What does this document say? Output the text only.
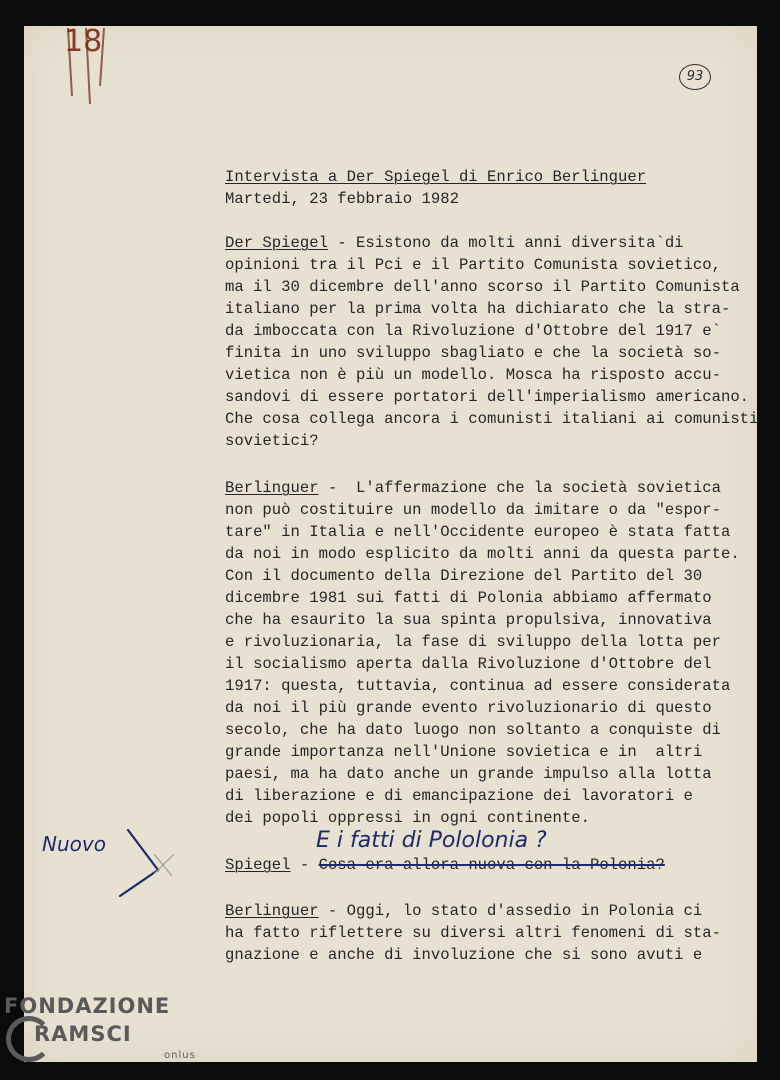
18
93
Intervista a Der Spiegel di Enrico Berlinguer
Martedi, 23 febbraio 1982
Der Spiegel - Esistono da molti anni diversita`di
opinioni tra il Pci e il Partito Comunista sovietico,
ma il 30 dicembre dell'anno scorso il Partito Comunista
italiano per la prima volta ha dichiarato che la stra-
da imboccata con la Rivoluzione d'Ottobre del 1917 e`
finita in uno sviluppo sbagliato e che la società so-
vietica non è più un modello. Mosca ha risposto accu-
sandovi di essere portatori dell'imperialismo americano.
Che cosa collega ancora i comunisti italiani ai comunisti
sovietici?
Berlinguer -  L'affermazione che la società sovietica
non può costituire un modello da imitare o da "espor-
tare" in Italia e nell'Occidente europeo è stata fatta
da noi in modo esplicito da molti anni da questa parte.
Con il documento della Direzione del Partito del 30
dicembre 1981 sui fatti di Polonia abbiamo affermato
che ha esaurito la sua spinta propulsiva, innovativa
e rivoluzionaria, la fase di sviluppo della lotta per
il socialismo aperta dalla Rivoluzione d'Ottobre del
1917: questa, tuttavia, continua ad essere considerata
da noi il più grande evento rivoluzionario di questo
secolo, che ha dato luogo non soltanto a conquiste di
grande importanza nell'Unione sovietica e in  altri
paesi, ma ha dato anche un grande impulso alla lotta
di liberazione e di emancipazione dei lavoratori e
dei popoli oppressi in ogni continente.
Spiegel - Cosa era allora nuova con la Polonia?
Berlinguer - Oggi, lo stato d'assedio in Polonia ci
ha fatto riflettere su diversi altri fenomeni di sta-
gnazione e anche di involuzione che si sono avuti e
E i fatti di Pololonia ?
Nuovo
FONDAZIONE
RAMSCI
onlus
